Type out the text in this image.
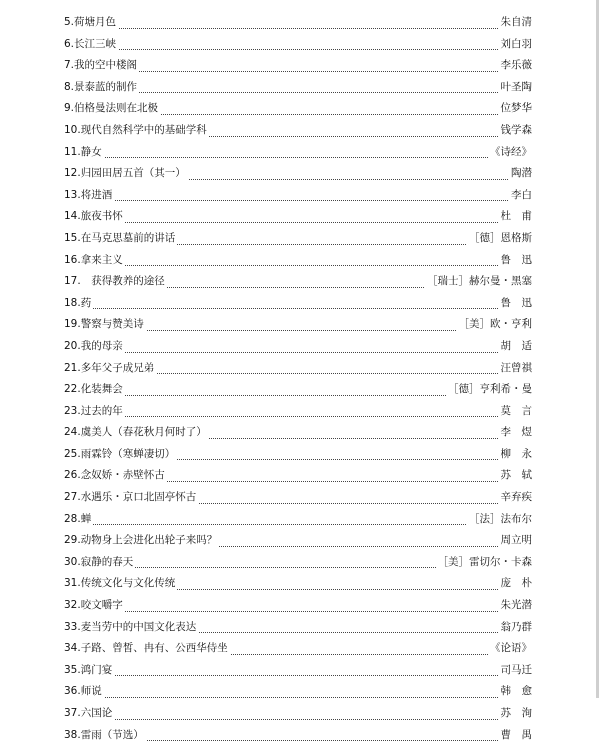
5.荷塘月色	朱自清
6.长江三峡	刘白羽
7.我的空中楼阁	李乐薇
8.景泰蓝的制作	叶圣陶
9.伯格曼法则在北极	位梦华
10.现代自然科学中的基础学科	钱学森
11.静女	《诗经》
12.归园田居五首（其一）	陶潜
13.将进酒	李白
14.旅夜书怀	杜　甫
15.在马克思墓前的讲话	［德］恩格斯
16.拿来主义	鲁　迅
17.　获得教养的途径	［瑞士］赫尔曼・黑塞
18.药	鲁　迅
19.警察与赞美诗	［美］欧・亨利
20.我的母亲	胡　适
21.多年父子成兄弟	汪曾祺
22.化装舞会	［德］亨利希・曼
23.过去的年	莫　言
24.虞美人（春花秋月何时了）	李　煜
25.雨霖铃（寒蝉凄切）	柳　永
26.念奴娇・赤壁怀古	苏　轼
27.水遇乐・京口北固亭怀古	辛弃疾
28.蝉	［法］法布尔
29.动物身上会进化出轮子来吗？	周立明
30.寂静的春天	［美］雷切尔・卡森
31.传统文化与文化传统	庞　朴
32.咬文嚼字	朱光潜
33.麦当劳中的中国文化表达	翁乃群
34.子路、曾皙、冉有、公西华侍坐	《论语》
35.鸿门宴	司马迁
36.师说	韩　愈
37.六国论	苏　洵
38.雷雨（节选）	曹　禺
